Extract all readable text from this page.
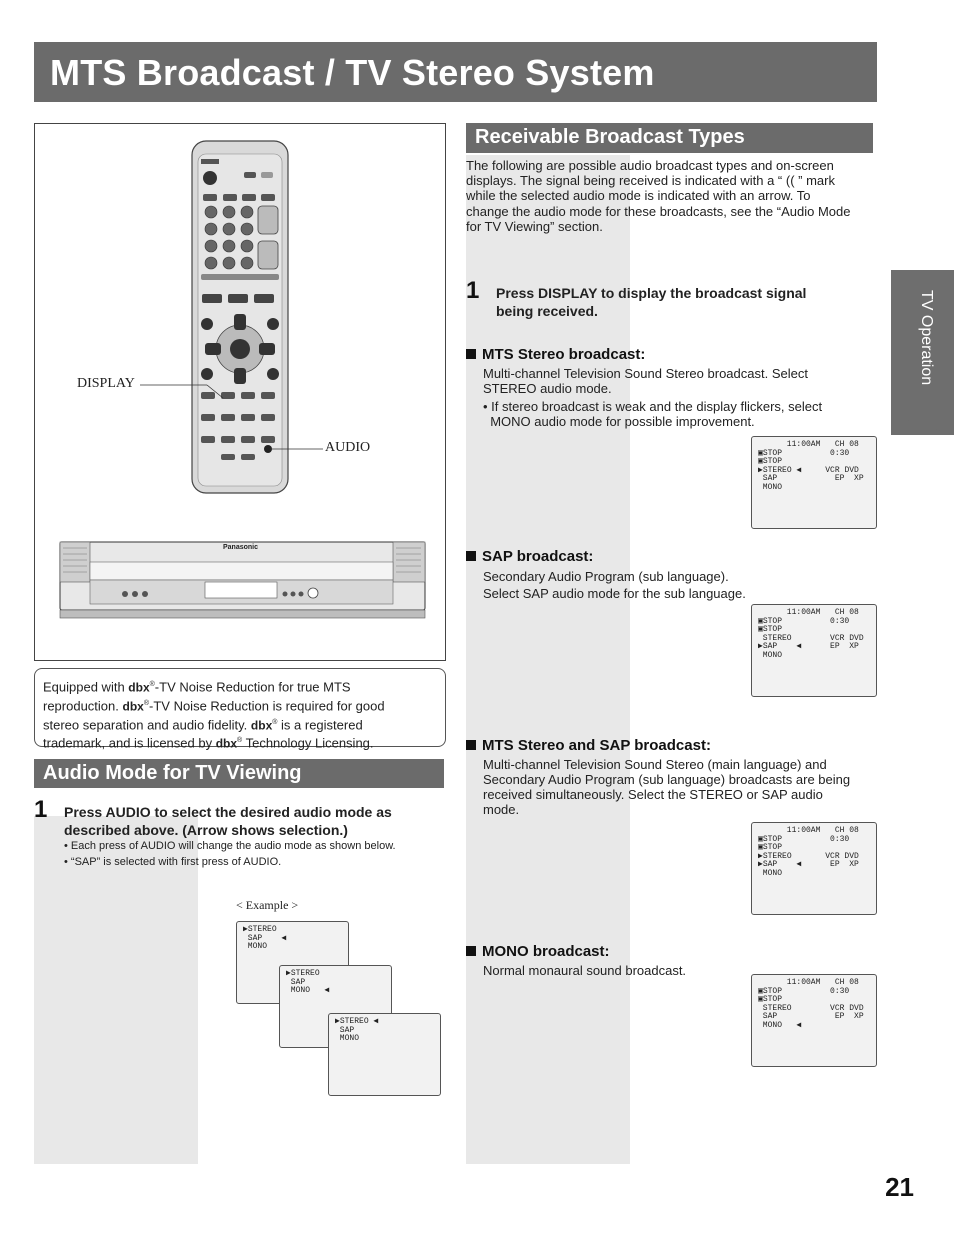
MTS Broadcast / TV Stereo System
TV Operation
Panasonic
DISPLAY
AUDIO
Equipped with dbx®-TV Noise Reduction for true MTS
reproduction. dbx®-TV Noise Reduction is required for good
stereo separation and audio fidelity. dbx® is a registered
trademark, and is licensed by dbx® Technology Licensing.
Audio Mode for TV Viewing
1 Press AUDIO to select the desired audio mode as
described above. (Arrow shows selection.)
• Each press of AUDIO will change the audio mode as shown below.
• “SAP” is selected with first press of AUDIO.
< Example >
▶STEREO
SAP    ◀
MONO
▶STEREO
SAP
MONO   ◀
▶STEREO ◀
SAP
MONO
Receivable Broadcast Types
The following are possible audio broadcast types and on-screen
displays. The signal being received is indicated with a “ (( ” mark
while the selected audio mode is indicated with an arrow. To
change the audio mode for these broadcasts, see the “Audio Mode
for TV Viewing” section.
1 Press DISPLAY to display the broadcast signal
being received.
MTS Stereo broadcast:
Multi-channel Television Sound Stereo broadcast. Select
STEREO audio mode.
• If stereo broadcast is weak and the display flickers, select
MONO audio mode for possible improvement.
11:00AM   CH 08
▣STOP          0:30
▣STOP
▶STEREO ◀     VCR DVD
SAP            EP  XP
MONO
SAP broadcast:
Secondary Audio Program (sub language).
Select SAP audio mode for the sub language.
11:00AM   CH 08
▣STOP          0:30
▣STOP
STEREO        VCR DVD
▶SAP    ◀      EP  XP
MONO
MTS Stereo and SAP broadcast:
Multi-channel Television Sound Stereo (main language) and
Secondary Audio Program (sub language) broadcasts are being
received simultaneously. Select the STEREO or SAP audio
mode.
11:00AM   CH 08
▣STOP          0:30
▣STOP
▶STEREO       VCR DVD
▶SAP    ◀      EP  XP
MONO
MONO broadcast:
Normal monaural sound broadcast.
11:00AM   CH 08
▣STOP          0:30
▣STOP
STEREO        VCR DVD
SAP            EP  XP
MONO   ◀
21
